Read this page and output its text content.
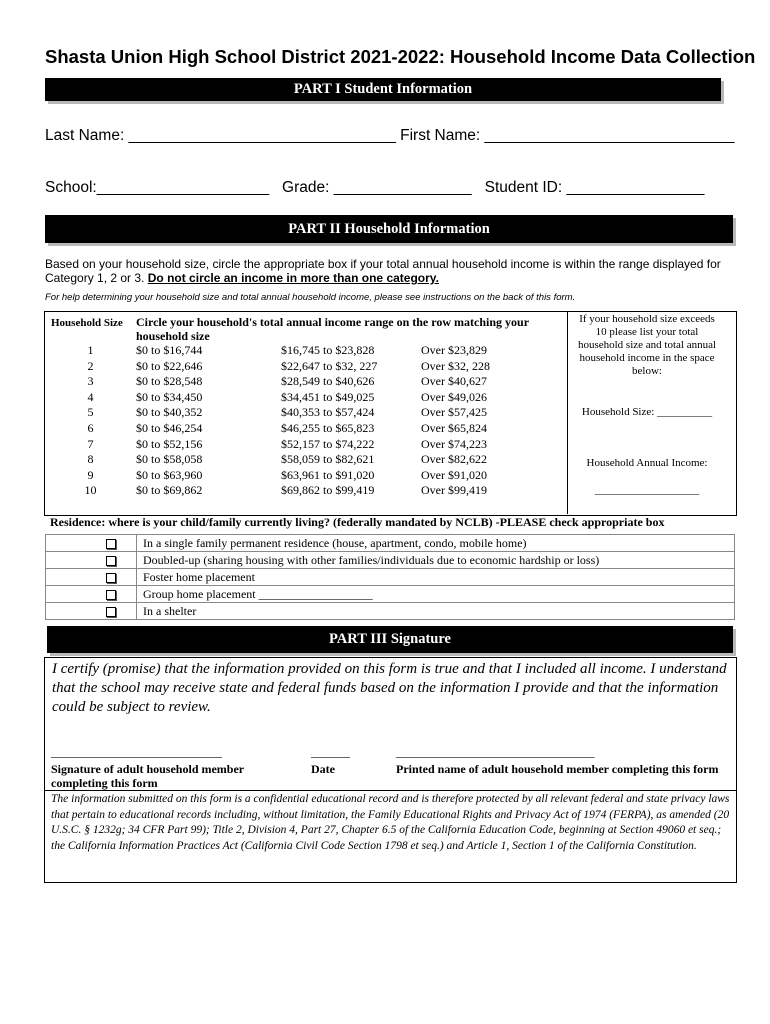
Shasta Union High School District 2021-2022: Household Income Data Collection
PART I Student Information
Last Name: _______________________________ First Name: _____________________________
School:____________________ Grade: ________________ Student ID: ________________
PART II Household Information
Based on your household size, circle the appropriate box if your total annual household income is within the range displayed for Category 1, 2 or 3. Do not circle an income in more than one category.
For help determining your household size and total annual household income, please see instructions on the back of this form.
Household Size	Circle your household's total annual income range on the row matching your household size		
1	$0 to $16,744	$16,745 to $23,828	Over $23,829
2	$0 to $22,646	$22,647 to $32, 227	Over $32, 228
3	$0 to $28,548	$28,549 to $40,626	Over $40,627
4	$0 to $34,450	$34,451 to $49,025	Over $49,026
5	$0 to $40,352	$40,353 to $57,424	Over $57,425
6	$0 to $46,254	$46,255 to $65,823	Over $65,824
7	$0 to $52,156	$52,157 to $74,222	Over $74,223
8	$0 to $58,058	$58,059 to $82,621	Over $82,622
9	$0 to $63,960	$63,961 to $91,020	Over $91,020
10	$0 to $69,862	$69,862 to $99,419	Over $99,419
If your household size exceeds 10 please list your total household size and total annual household income in the space below:
Household Size: __________
Household Annual Income:
___________________
Residence: where is your child/family currently living? (federally mandated by NCLB) -PLEASE check appropriate box
	In a single family permanent residence (house, apartment, condo, mobile home)
	Doubled-up (sharing housing with other families/individuals due to economic hardship or loss)
	Foster home placement
	Group home placement ___________________
	In a shelter
PART III Signature
I certify (promise) that the information provided on this form is true and that I included all income. I understand that the school may receive state and federal funds based on the information I provide and that the information could be subject to review.
_______________________________	_______	____________________________________
Signature of adult household member completing this form
Date	Printed name of adult household member completing this form
The information submitted on this form is a confidential educational record and is therefore protected by all relevant federal and state privacy laws that pertain to educational records including, without limitation, the Family Educational Rights and Privacy Act of 1974 (FERPA), as amended (20 U.S.C. § 1232g; 34 CFR Part 99); Title 2, Division 4, Part 27, Chapter 6.5 of the California Education Code, beginning at Section 49060 et seq.; the California Information Practices Act (California Civil Code Section 1798 et seq.) and Article 1, Section 1 of the California Constitution.
